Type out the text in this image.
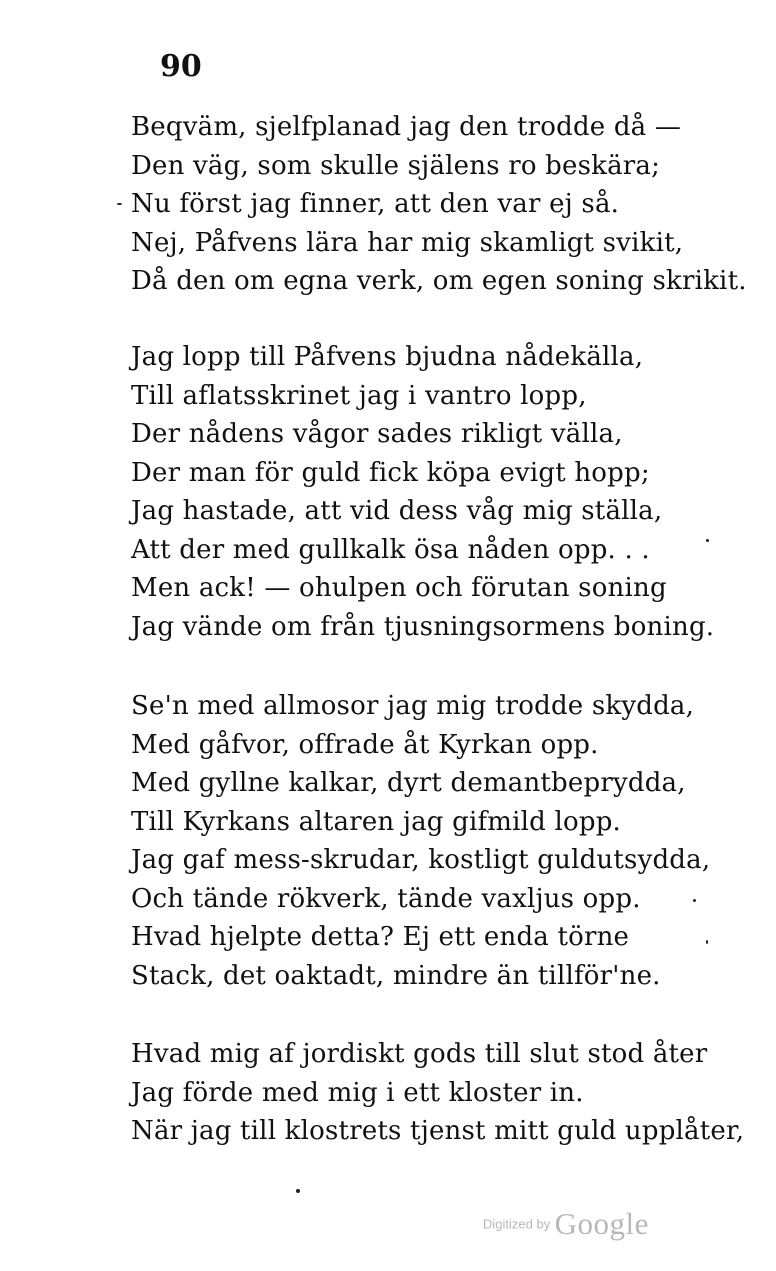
90
Beqväm, sjelfplanad jag den trodde då —
Den väg, som skulle själens ro beskära;
Nu först jag finner, att den var ej så.
Nej, Påfvens lära har mig skamligt svikit,
Då den om egna verk, om egen soning skrikit.
Jag lopp till Påfvens bjudna nådekälla,
Till aflatsskrinet jag i vantro lopp,
Der nådens vågor sades rikligt välla,
Der man för guld fick köpa evigt hopp;
Jag hastade, att vid dess våg mig ställa,
Att der med gullkalk ösa nåden opp. . .
Men ack! — ohulpen och förutan soning
Jag vände om från tjusningsormens boning.
Se'n med allmosor jag mig trodde skydda,
Med gåfvor, offrade åt Kyrkan opp.
Med gyllne kalkar, dyrt demantbeprydda,
Till Kyrkans altaren jag gifmild lopp.
Jag gaf mess-skrudar, kostligt guldutsydda,
Och tände rökverk, tände vaxljus opp.
Hvad hjelpte detta? Ej ett enda törne
Stack, det oaktadt, mindre än tillför'ne.
Hvad mig af jordiskt gods till slut stod åter
Jag förde med mig i ett kloster in.
När jag till klostrets tjenst mitt guld upplåter,
Digitized by Google
